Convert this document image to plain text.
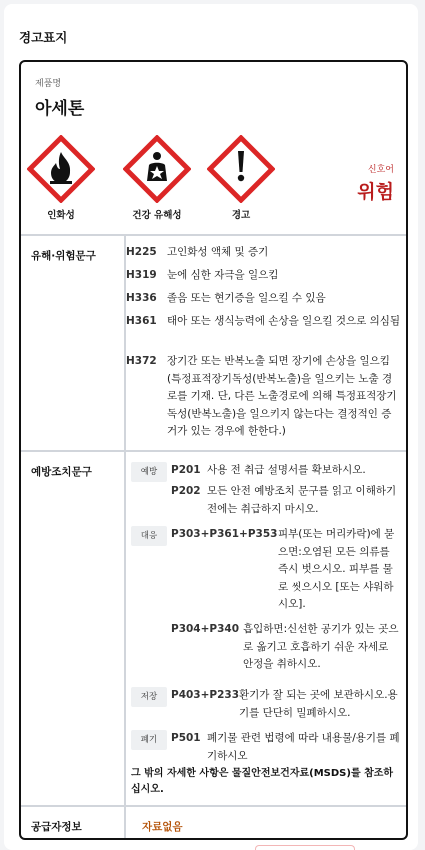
경고표지
제품명
아세톤
인화성	건강 유해성	경고
신호어
위험
유해·위험문구	H225 고인화성 액체 및 증기
H319 눈에 심한 자극을 일으킴
H336 졸음 또는 현기증을 일으킬 수 있음
H361 태아 또는 생식능력에 손상을 일으킬 것으로 의심됨
H372 장기간 또는 반복노출 되면 장기에 손상을 일으킴(특정표적장기독성(반복노출)을 일으키는 노출 경로를 기재. 단, 다른 노출경로에 의해 특정표적장기독성(반복노출)을 일으키지 않는다는 결정적인 증거가 있는 경우에 한한다.)
예방조치문구	예방	P201 사용 전 취급 설명서를 확보하시오.
P202 모든 안전 예방조치 문구를 읽고 이해하기 전에는 취급하지 마시오.
대응	P303+P361+P353 피부(또는 머리카락)에 묻으면:오염된 모든 의류를 즉시 벗으시오. 피부를 물로 씻으시오 [또는 샤워하시오].
P304+P340 흡입하면:신선한 공기가 있는 곳으로 옮기고 호흡하기 쉬운 자세로 안정을 취하시오.
저장	P403+P233 환기가 잘 되는 곳에 보관하시오.용기를 단단히 밀폐하시오.
폐기	P501 폐기물 관련 법령에 따라 내용물/용기를 폐기하시오
그 밖의 자세한 사항은 물질안전보건자료(MSDS)를 참조하십시오.
공급자정보	자료없음
